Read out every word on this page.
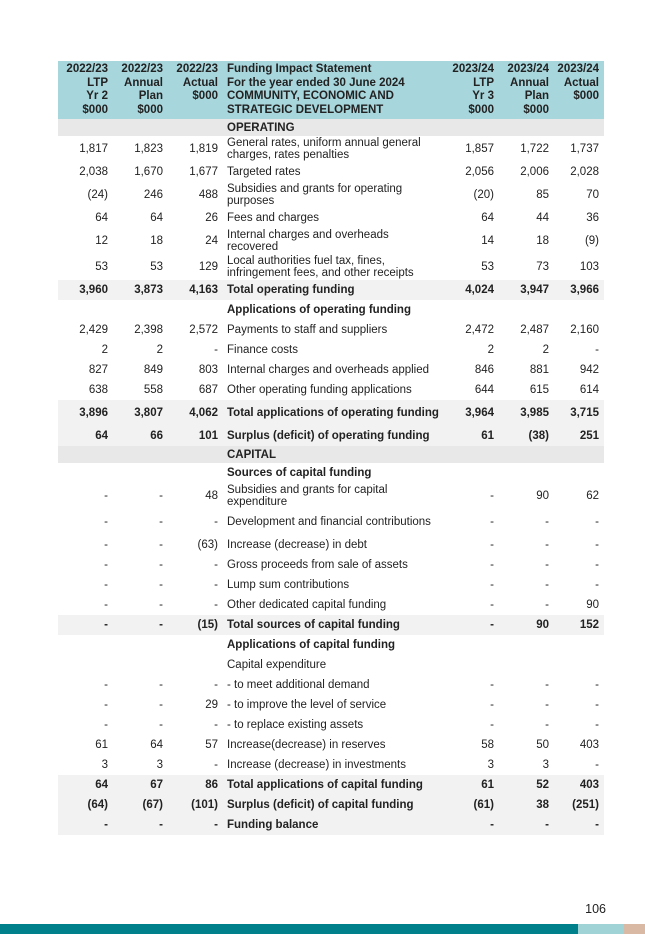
2022/23
LTP
Yr 2
$000	2022/23
Annual
Plan
$000	2022/23
Actual
$000	Funding Impact Statement
For the year ended 30 June 2024
COMMUNITY, ECONOMIC AND
STRATEGIC DEVELOPMENT	2023/24
LTP
Yr 3
$000	2023/24
Annual
Plan
$000	2023/24
Actual
$000
			OPERATING			
1,817	1,823	1,819	General rates, uniform annual general charges, rates penalties	1,857	1,722	1,737
2,038	1,670	1,677	Targeted rates	2,056	2,006	2,028
(24)	246	488	Subsidies and grants for operating purposes	(20)	85	70
64	64	26	Fees and charges	64	44	36
12	18	24	Internal charges and overheads recovered	14	18	(9)
53	53	129	Local authorities fuel tax, fines, infringement fees, and other receipts	53	73	103
3,960	3,873	4,163	Total operating funding	4,024	3,947	3,966
			Applications of operating funding			
2,429	2,398	2,572	Payments to staff and suppliers	2,472	2,487	2,160
2	2	-	Finance costs	2	2	-
827	849	803	Internal charges and overheads applied	846	881	942
638	558	687	Other operating funding applications	644	615	614
3,896	3,807	4,062	Total applications of operating funding	3,964	3,985	3,715
64	66	101	Surplus (deficit) of operating funding	61	(38)	251
			CAPITAL			
			Sources of capital funding			
-	-	48	Subsidies and grants for capital expenditure	-	90	62
-	-	-	Development and financial contributions	-	-	-
-	-	(63)	Increase (decrease) in debt	-	-	-
-	-	-	Gross proceeds from sale of assets	-	-	-
-	-	-	Lump sum contributions	-	-	-
-	-	-	Other dedicated capital funding	-	-	90
-	-	(15)	Total sources of capital funding	-	90	152
			Applications of capital funding			
			Capital expenditure			
-	-	-	- to meet additional demand	-	-	-
-	-	29	- to improve the level of service	-	-	-
-	-	-	- to replace existing assets	-	-	-
61	64	57	Increase(decrease) in reserves	58	50	403
3	3	-	Increase (decrease) in investments	3	3	-
64	67	86	Total applications of capital funding	61	52	403
(64)	(67)	(101)	Surplus (deficit) of capital funding	(61)	38	(251)
-	-	-	Funding balance	-	-	-
106
